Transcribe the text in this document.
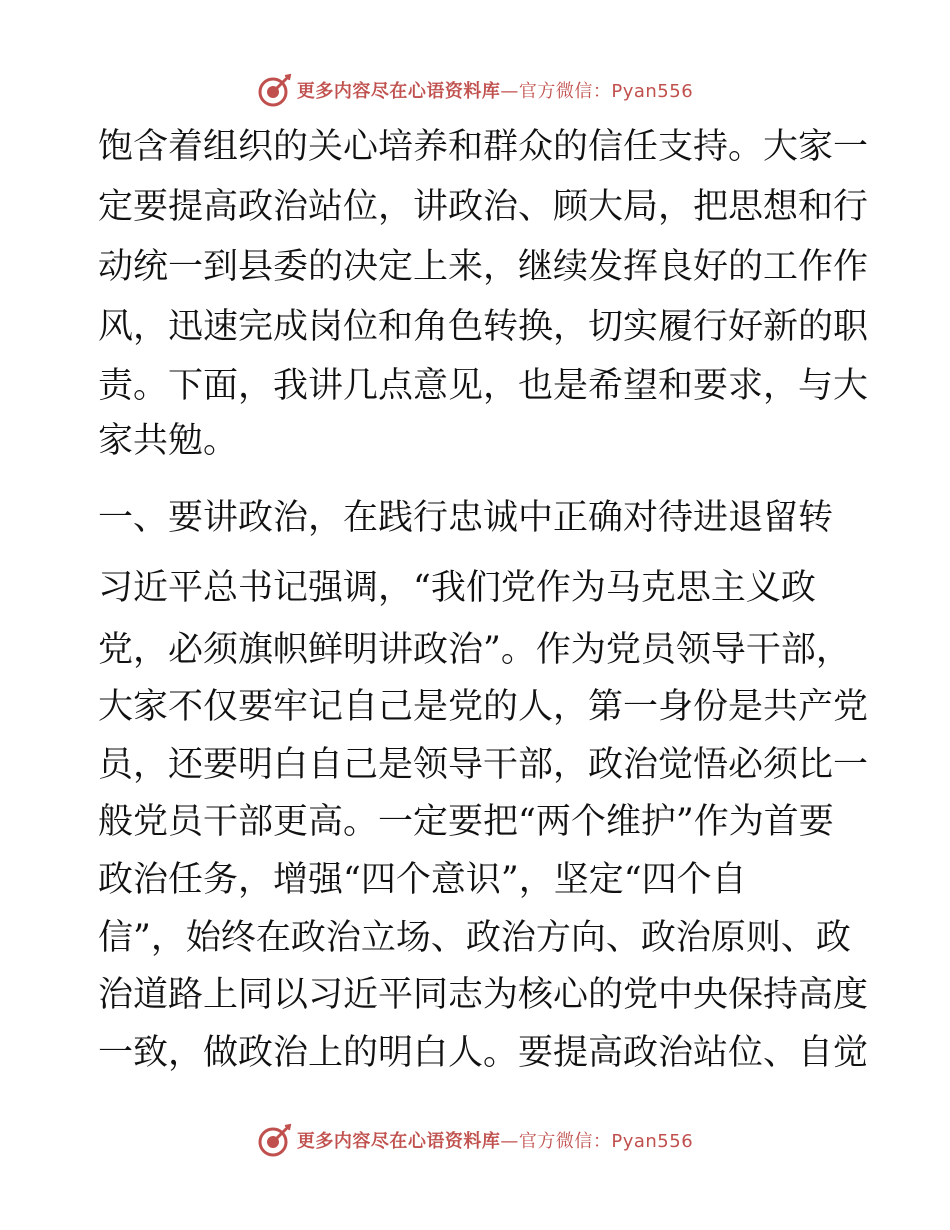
更多内容尽在心语资料库 —官方微信：Pyan556
饱含着组织的关心培养和群众的信任支持。大家一
定要提高政治站位，讲政治、顾大局，把思想和行
动统一到县委的决定上来，继续发挥良好的工作作
风，迅速完成岗位和角色转换，切实履行好新的职
责。下面，我讲几点意见，也是希望和要求，与大
家共勉。
一、要讲政治，在践行忠诚中正确对待进退留转
习近平总书记强调，“我们党作为马克思主义政
党，必须旗帜鲜明讲政治”。作为党员领导干部，
大家不仅要牢记自己是党的人，第一身份是共产党
员，还要明白自己是领导干部，政治觉悟必须比一
般党员干部更高。一定要把“两个维护”作为首要
政治任务，增强“四个意识”，坚定“四个自
信”，始终在政治立场、政治方向、政治原则、政
治道路上同以习近平同志为核心的党中央保持高度
一致，做政治上的明白人。要提高政治站位、自觉
更多内容尽在心语资料库 —官方微信：Pyan556
